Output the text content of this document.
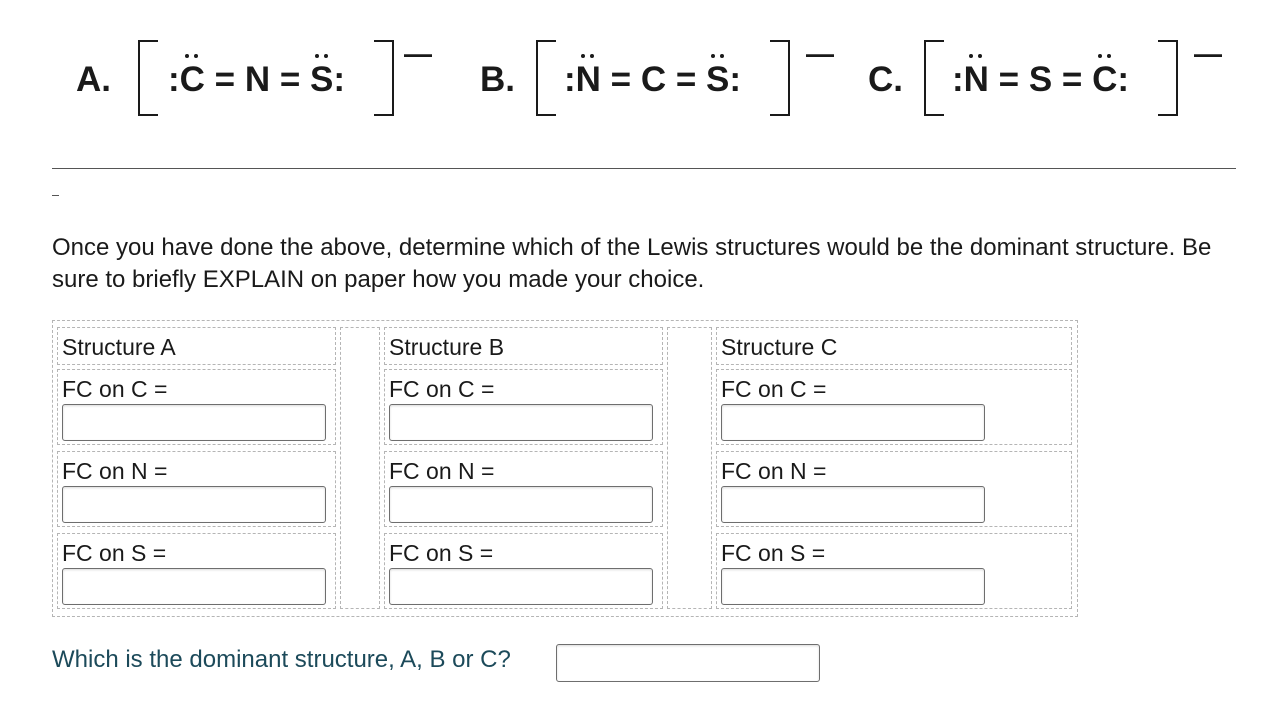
A. :C = N = S:
—
B. :N = C = S:
—
C. :N = S = C:
—
Once you have done the above, determine which of the Lewis structures would be the dominant structure. Be sure to briefly EXPLAIN on paper how you made your choice.
Structure A
FC on C =
FC on N =
FC on S =
Structure B
FC on C =
FC on N =
FC on S =
Structure C
FC on C =
FC on N =
FC on S =
Which is the dominant structure, A, B or C?
